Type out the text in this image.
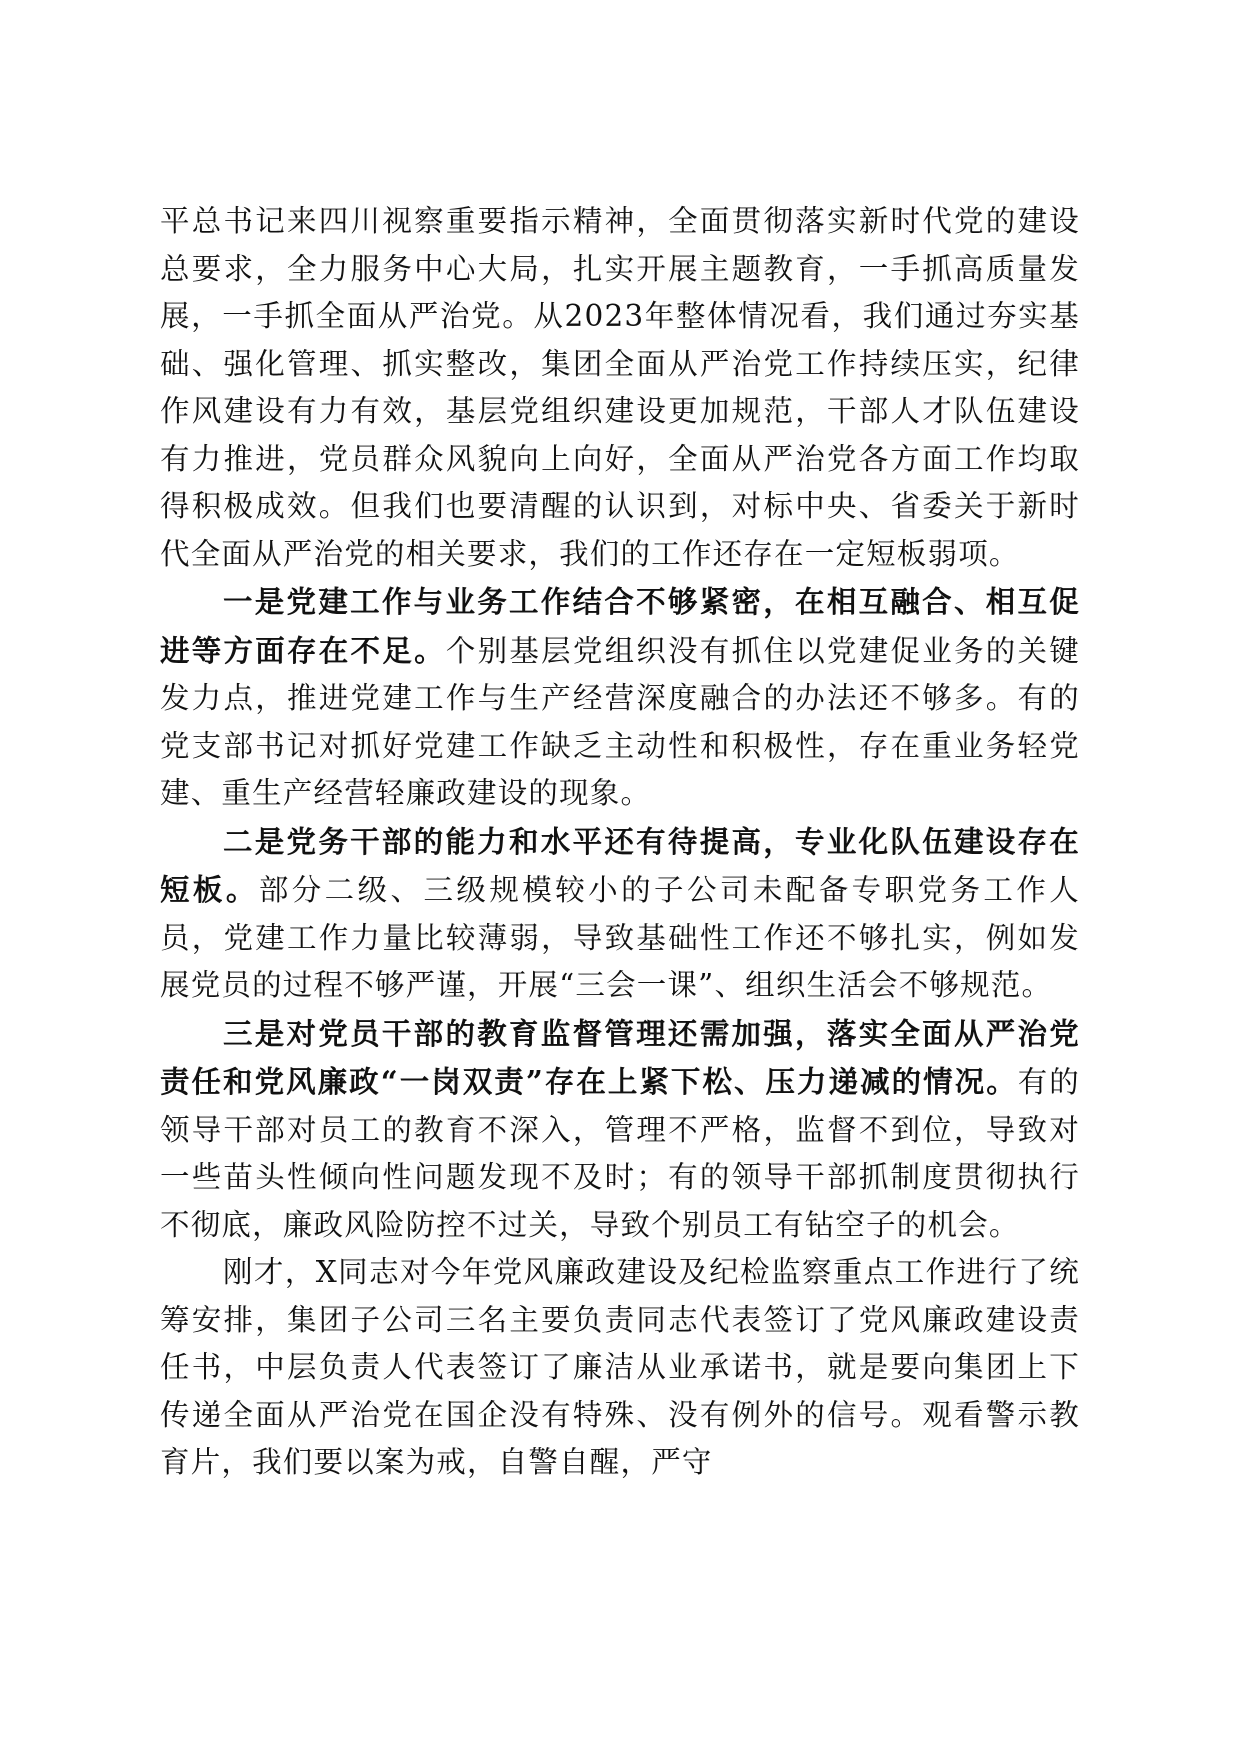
平总书记来四川视察重要指示精神，全面贯彻落实新时代党的建设总要求，全力服务中心大局，扎实开展主题教育，一手抓高质量发展，一手抓全面从严治党。从2023年整体情况看，我们通过夯实基础、强化管理、抓实整改，集团全面从严治党工作持续压实，纪律作风建设有力有效，基层党组织建设更加规范，干部人才队伍建设有力推进，党员群众风貌向上向好，全面从严治党各方面工作均取得积极成效。但我们也要清醒的认识到，对标中央、省委关于新时代全面从严治党的相关要求，我们的工作还存在一定短板弱项。

一是党建工作与业务工作结合不够紧密，在相互融合、相互促进等方面存在不足。个别基层党组织没有抓住以党建促业务的关键发力点，推进党建工作与生产经营深度融合的办法还不够多。有的党支部书记对抓好党建工作缺乏主动性和积极性，存在重业务轻党建、重生产经营轻廉政建设的现象。

二是党务干部的能力和水平还有待提高，专业化队伍建设存在短板。部分二级、三级规模较小的子公司未配备专职党务工作人员，党建工作力量比较薄弱，导致基础性工作还不够扎实，例如发展党员的过程不够严谨，开展“三会一课”、组织生活会不够规范。

三是对党员干部的教育监督管理还需加强，落实全面从严治党责任和党风廉政“一岗双责”存在上紧下松、压力递减的情况。有的领导干部对员工的教育不深入，管理不严格，监督不到位，导致对一些苗头性倾向性问题发现不及时；有的领导干部抓制度贯彻执行不彻底，廉政风险防控不过关，导致个别员工有钻空子的机会。

刚才，X同志对今年党风廉政建设及纪检监察重点工作进行了统筹安排，集团子公司三名主要负责同志代表签订了党风廉政建设责任书，中层负责人代表签订了廉洁从业承诺书，就是要向集团上下传递全面从严治党在国企没有特殊、没有例外的信号。观看警示教育片，我们要以案为戒，自警自醒，严守
